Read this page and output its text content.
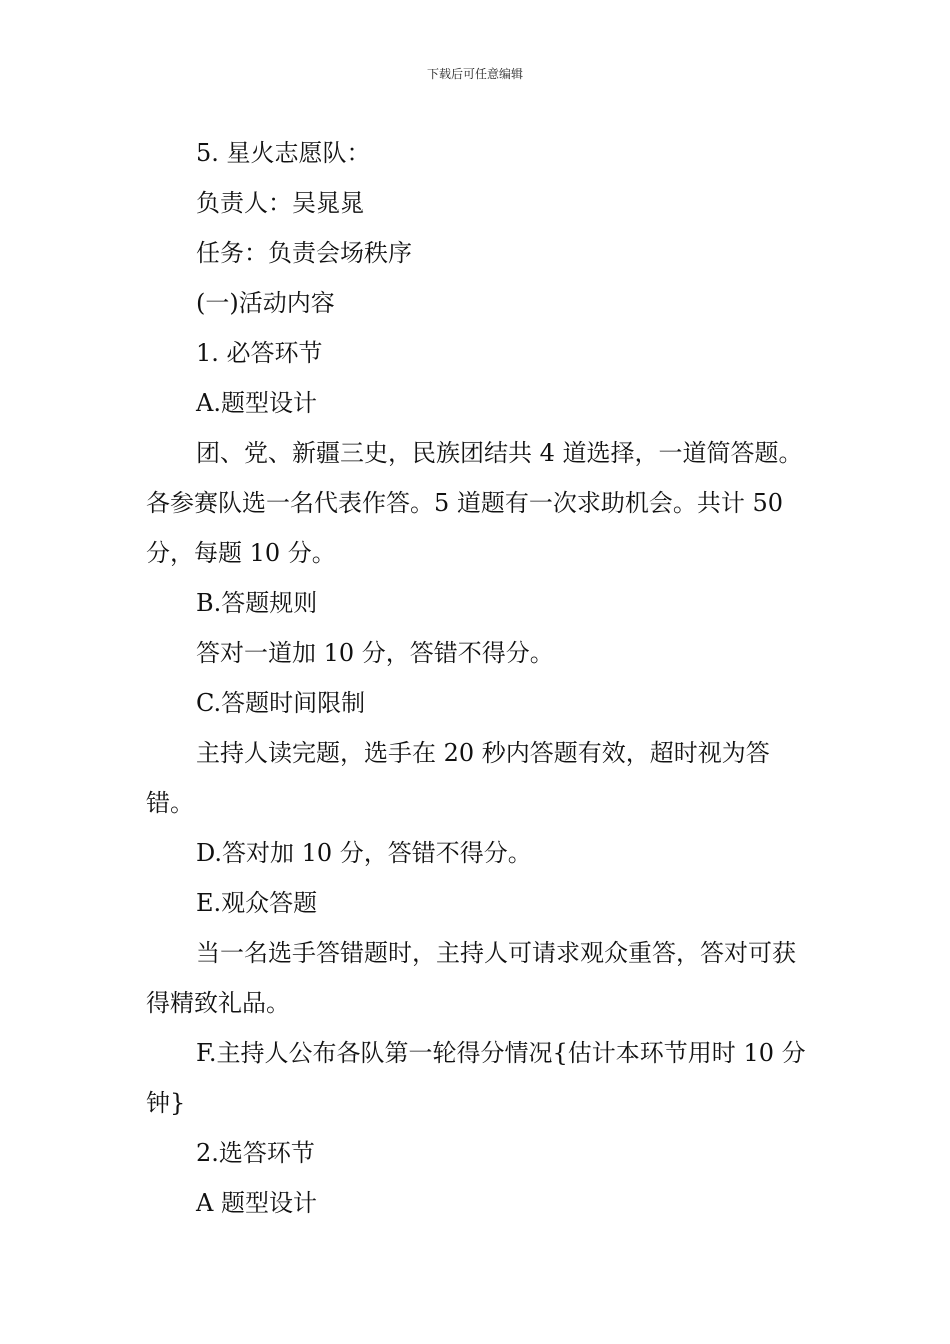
下载后可任意编辑

5. 星火志愿队：

负责人：吴晁晁

任务：负责会场秩序

(一)活动内容

1. 必答环节

A.题型设计

团、党、新疆三史，民族团结共 4 道选择，一道简答题。各参赛队选一名代表作答。5 道题有一次求助机会。共计 50 分，每题 10 分。

B.答题规则

答对一道加 10 分，答错不得分。

C.答题时间限制

主持人读完题，选手在 20 秒内答题有效，超时视为答错。

D.答对加 10 分，答错不得分。

E.观众答题

当一名选手答错题时，主持人可请求观众重答，答对可获得精致礼品。

F.主持人公布各队第一轮得分情况{估计本环节用时 10 分钟}

2.选答环节

A 题型设计
